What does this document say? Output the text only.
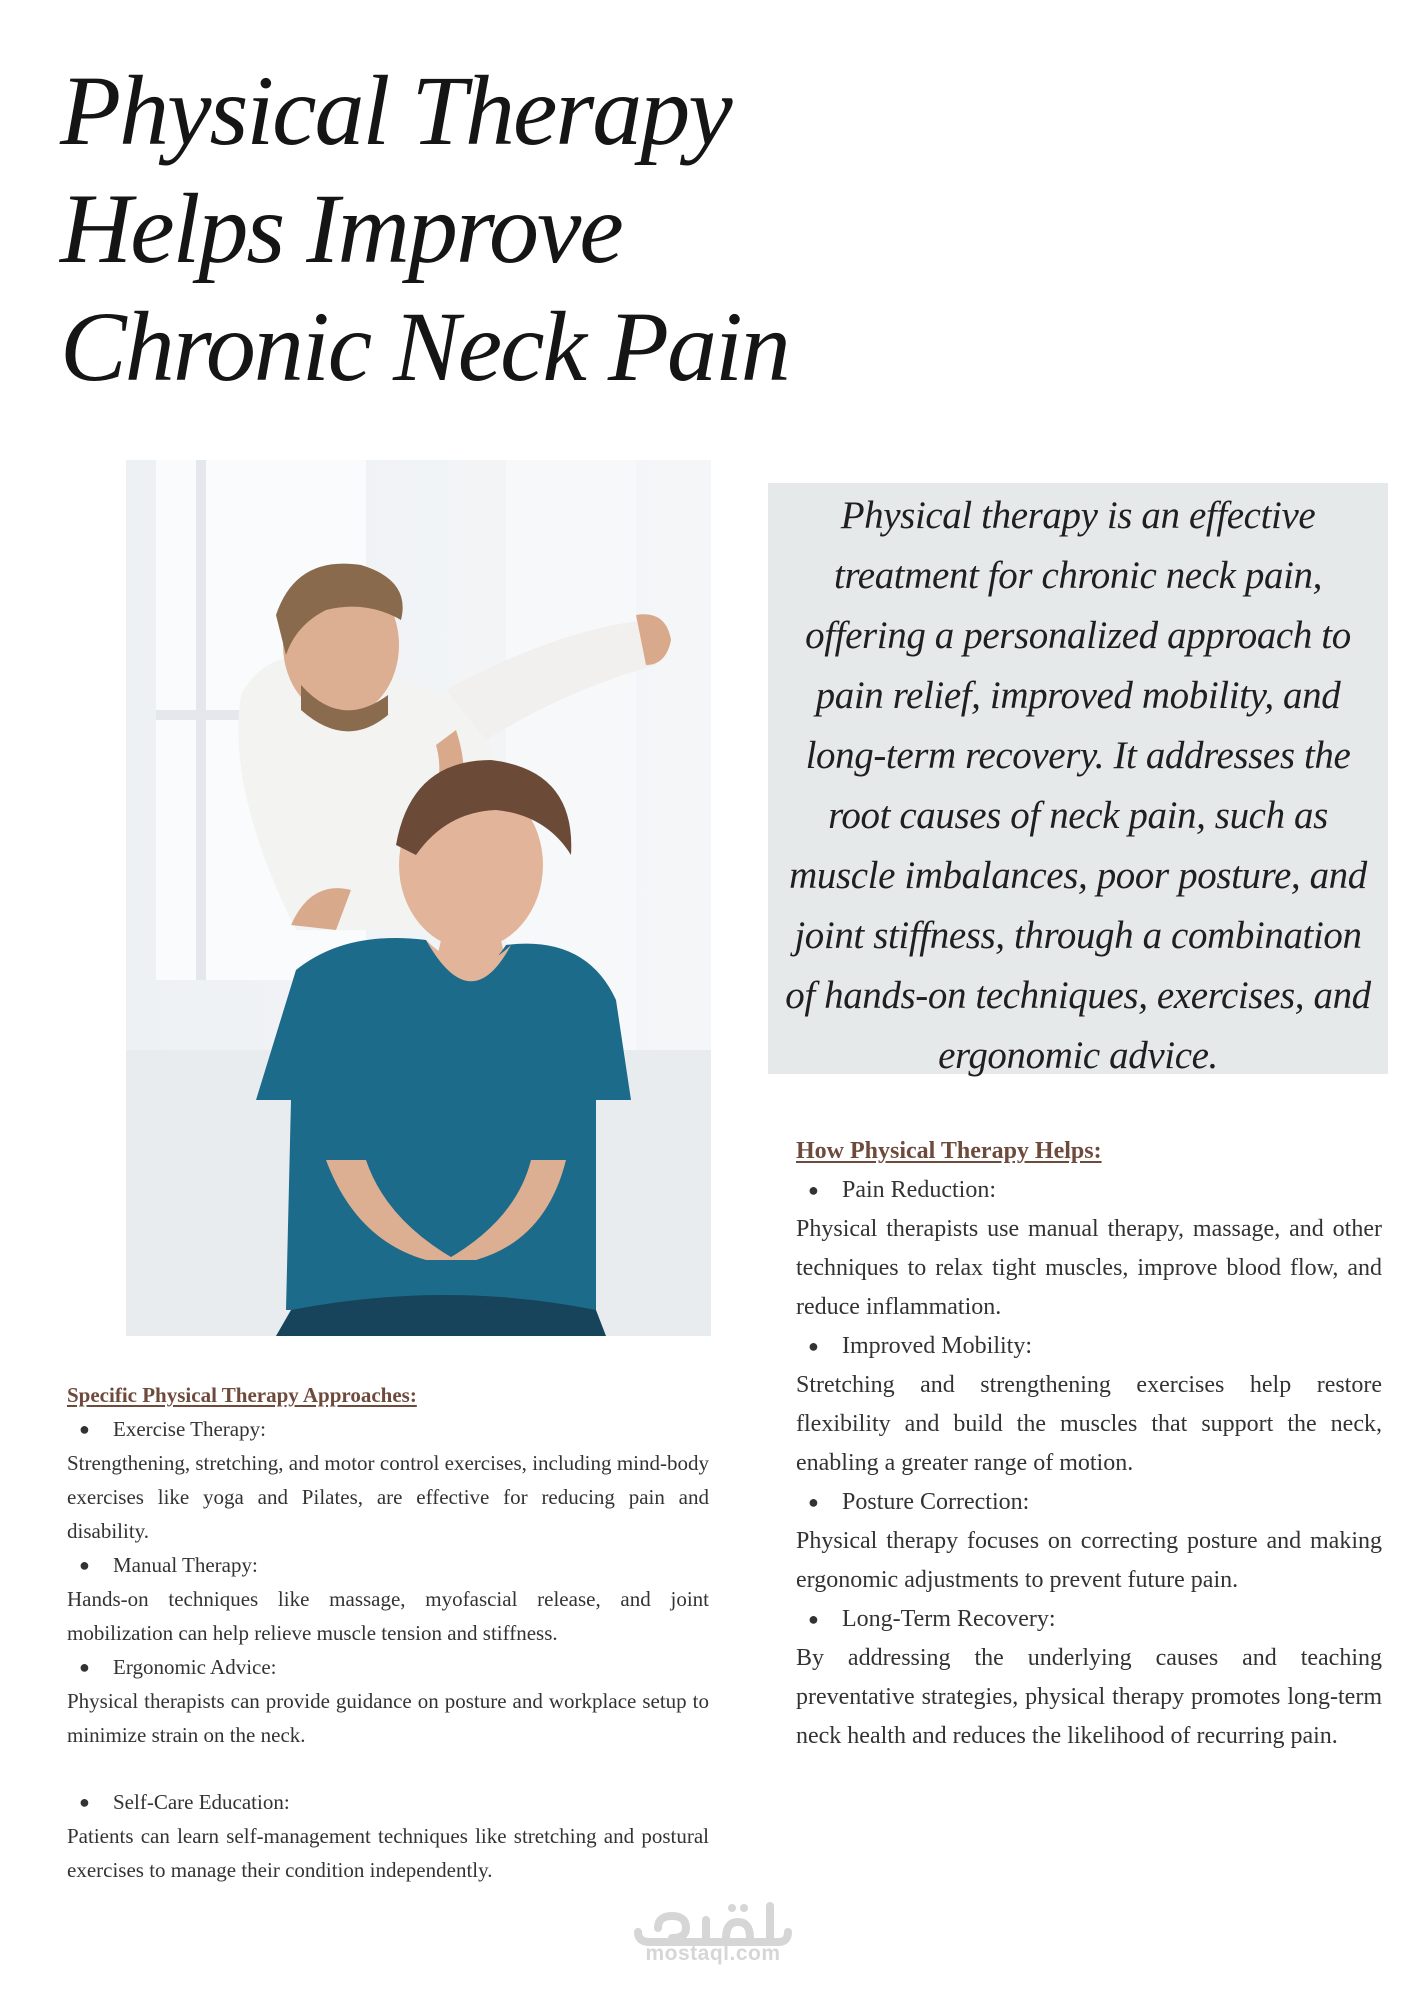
Physical Therapy
Helps Improve
Chronic Neck Pain

Physical therapy is an effective treatment for chronic neck pain, offering a personalized approach to pain relief, improved mobility, and long-term recovery. It addresses the root causes of neck pain, such as muscle imbalances, poor posture, and joint stiffness, through a combination of hands-on techniques, exercises, and ergonomic advice.

Specific Physical Therapy Approaches:
●	Exercise Therapy:

Strengthening, stretching, and motor control exercises, including mind-body exercises like yoga and Pilates, are effective for reducing pain and disability.

●	Manual Therapy:

Hands-on techniques like massage, myofascial release, and joint mobilization can help relieve muscle tension and stiffness.

●	Ergonomic Advice:

Physical therapists can provide guidance on posture and workplace setup to minimize strain on the neck.

●	Self-Care Education:

Patients can learn self-management techniques like stretching and postural exercises to manage their condition independently.

How Physical Therapy Helps:
● Pain Reduction:

Physical therapists use manual therapy, massage, and other techniques to relax tight muscles, improve blood flow, and reduce inflammation.

● Improved Mobility:

Stretching and strengthening exercises help restore flexibility and build the muscles that support the neck, enabling a greater range of motion.

● Posture Correction:

Physical therapy focuses on correcting posture and making ergonomic adjustments to prevent future pain.

● Long-Term Recovery:

By addressing the underlying causes and teaching preventative strategies, physical therapy promotes long-term neck health and reduces the likelihood of recurring pain.

mostaql.com
